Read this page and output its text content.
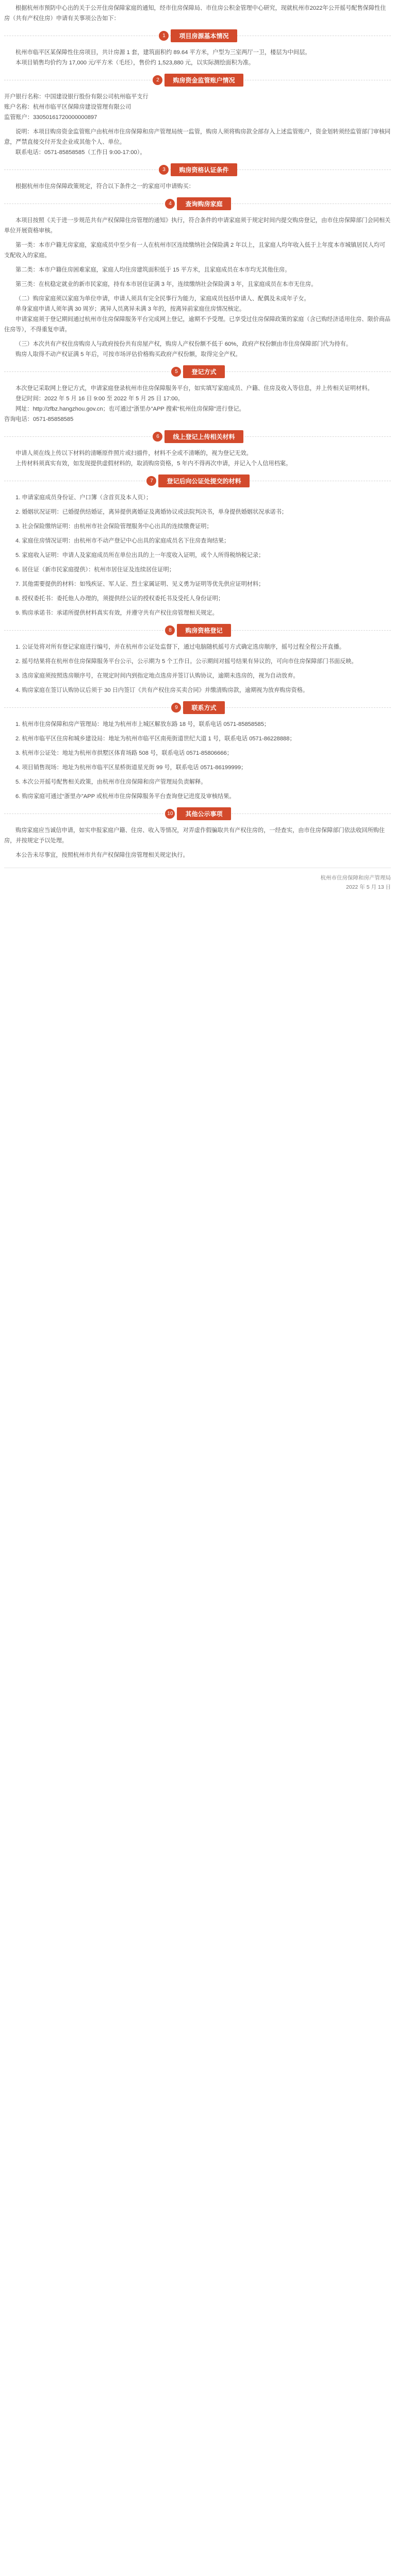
根据杭州市预防中心出的关于公开住房保障家庭的通知，经市住房保障局、市住房公积金管理中心研究，现就杭州市2022年公开摇号配售保障性住房（共有产权住房）申请有关事项公告如下：

1	项目房源基本情况

杭州市临平区某保障性住房项目，共计房源 1 套，建筑面积约 89.64 平方米，户型为三室两厅一卫，楼层为中间层。

本项目销售均价约为 17,000 元/平方米（毛坯），售价约 1,523,880 元，以实际测绘面积为准。

2	购房资金监管账户情况

开户银行名称：中国建设银行股份有限公司杭州临平支行

账户名称：杭州市临平区保障房建设管理有限公司

监管账户：33050161720000000897

说明：本项目购房资金监管账户由杭州市住房保障和房产管理局统一监管，购房人须将购房款全部存入上述监管账户，资金划转须经监管部门审核同意，严禁直接交付开发企业或其他个人、单位。

联系电话：0571-85858585（工作日 9:00-17:00）。

3	购房资格认证条件

根据杭州市住房保障政策规定，符合以下条件之一的家庭可申请购买：

4	查询购房家庭

本项目按照《关于进一步规范共有产权保障住房管理的通知》执行，符合条件的申请家庭须于规定时间内提交购房登记，由市住房保障部门会同相关单位开展资格审核。

第一类：本市户籍无房家庭，家庭成员中至少有一人在杭州市区连续缴纳社会保险满 2 年以上，且家庭人均年收入低于上年度本市城镇居民人均可支配收入的家庭。

第二类：本市户籍住房困难家庭，家庭人均住房建筑面积低于 15 平方米，且家庭成员在本市均无其他住房。

第三类：在杭稳定就业的新市民家庭，持有本市居住证满 3 年，连续缴纳社会保险满 3 年，且家庭成员在本市无住房。

（二）购房家庭须以家庭为单位申请，申请人须具有完全民事行为能力，家庭成员包括申请人、配偶及未成年子女。

单身家庭申请人须年满 30 周岁；离异人员离异未满 3 年的，按离异前家庭住房情况核定。

申请家庭须于登记期间通过杭州市住房保障服务平台完成网上登记，逾期不予受理。已享受过住房保障政策的家庭（含已购经济适用住房、限价商品住房等），不得重复申请。

（三）本次共有产权住房购房人与政府按份共有房屋产权，购房人产权份额不低于 60%，政府产权份额由市住房保障部门代为持有。

购房人取得不动产权证满 5 年后，可按市场评估价格购买政府产权份额，取得完全产权。

5	登记方式

本次登记采取网上登记方式，申请家庭登录杭州市住房保障服务平台，如实填写家庭成员、户籍、住房及收入等信息，并上传相关证明材料。

登记时间：2022 年 5 月 16 日 9:00 至 2022 年 5 月 25 日 17:00。

网址：http://zfbz.hangzhou.gov.cn；也可通过“浙里办”APP 搜索“杭州住房保障”进行登记。

咨询电话：0571-85858585

6	线上登记上传相关材料

申请人须在线上传以下材料的清晰原件照片或扫描件，材料不全或不清晰的，视为登记无效。

上传材料须真实有效，如发现提供虚假材料的，取消购房资格，5 年内不得再次申请，并记入个人信用档案。

7	登记后向公证处提交的材料

1. 申请家庭成员身份证、户口簿（含首页及本人页）；

2. 婚姻状况证明：已婚提供结婚证，离异提供离婚证及离婚协议或法院判决书，单身提供婚姻状况承诺书；

3. 社会保险缴纳证明：由杭州市社会保险管理服务中心出具的连续缴费证明；

4. 家庭住房情况证明：由杭州市不动产登记中心出具的家庭成员名下住房查询结果；

5. 家庭收入证明：申请人及家庭成员所在单位出具的上一年度收入证明，或个人所得税纳税记录；

6. 居住证（新市民家庭提供）：杭州市居住证及连续居住证明；

7. 其他需要提供的材料：如残疾证、军人证、烈士家属证明、见义勇为证明等优先供应证明材料；

8. 授权委托书：委托他人办理的，须提供经公证的授权委托书及受托人身份证明；

9. 购房承诺书：承诺所提供材料真实有效，并遵守共有产权住房管理相关规定。

8	购房资格登记

1. 公证处将对所有登记家庭进行编号，并在杭州市公证处监督下，通过电脑随机摇号方式确定选房顺序，摇号过程全程公开直播。

2. 摇号结果将在杭州市住房保障服务平台公示，公示期为 5 个工作日。公示期间对摇号结果有异议的，可向市住房保障部门书面反映。

3. 选房家庭须按照选房顺序号，在规定时间内到指定地点选房并签订认购协议，逾期未选房的，视为自动放弃。

4. 购房家庭在签订认购协议后须于 30 日内签订《共有产权住房买卖合同》并缴清购房款，逾期视为放弃购房资格。

9	联系方式

1. 杭州市住房保障和房产管理局：地址为杭州市上城区解放东路 18 号，联系电话 0571-85858585；

2. 杭州市临平区住房和城乡建设局：地址为杭州市临平区南苑街道世纪大道 1 号，联系电话 0571-86228888；

3. 杭州市公证处：地址为杭州市拱墅区体育场路 508 号，联系电话 0571-85806666；

4. 项目销售现场：地址为杭州市临平区星桥街道星光街 99 号，联系电话 0571-86199999；

5. 本次公开摇号配售相关政策，由杭州市住房保障和房产管理局负责解释。

6. 购房家庭可通过“浙里办”APP 或杭州市住房保障服务平台查询登记进度及审核结果。

10	其他公示事项

购房家庭应当诚信申请，如实申报家庭户籍、住房、收入等情况，对弄虚作假骗取共有产权住房的，一经查实，由市住房保障部门依法收回所购住房，并按规定予以处理。

本公告未尽事宜，按照杭州市共有产权保障住房管理相关规定执行。

杭州市住房保障和房产管理局
2022 年 5 月 13 日
